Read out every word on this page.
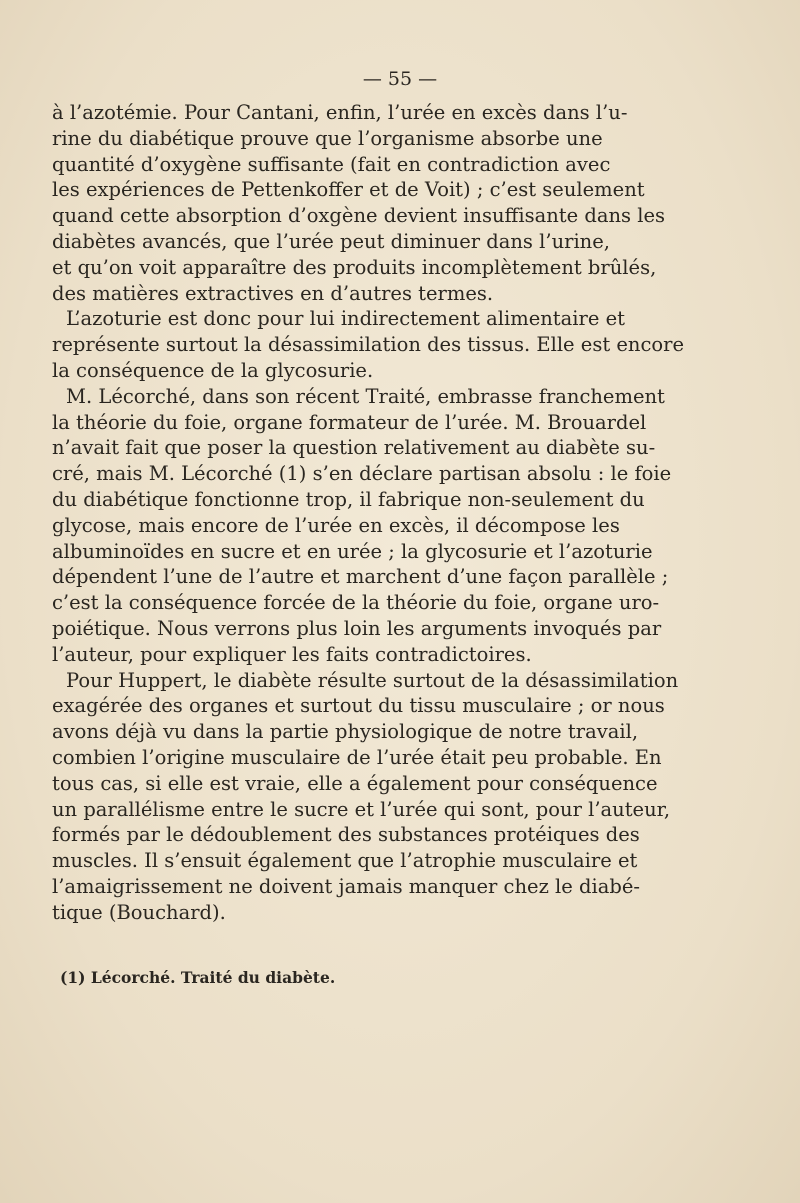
— 55 —
à l’azotémie. Pour Cantani, enfin, l’urée en excès dans l’u-
rine du diabétique prouve que l’organisme absorbe une
quantité d’oxygène suffisante (fait en contradiction avec
les expériences de Pettenkoffer et de Voit) ; c’est seulement
quand cette absorption d’oxgène devient insuffisante dans les
diabètes avancés, que l’urée peut diminuer dans l’urine,
et qu’on voit apparaître des produits incomplètement brûlés,
des matières extractives en d’autres termes.
L’azoturie est donc pour lui indirectement alimentaire et
représente surtout la désassimilation des tissus. Elle est encore
la conséquence de la glycosurie.
M. Lécorché, dans son récent Traité, embrasse franchement
la théorie du foie, organe formateur de l’urée. M. Brouardel
n’avait fait que poser la question relativement au diabète su-
cré, mais M. Lécorché (1) s’en déclare partisan absolu : le foie
du diabétique fonctionne trop, il fabrique non-seulement du
glycose, mais encore de l’urée en excès, il décompose les
albuminoïdes en sucre et en urée ; la glycosurie et l’azoturie
dépendent l’une de l’autre et marchent d’une façon parallèle ;
c’est la conséquence forcée de la théorie du foie, organe uro-
poiétique. Nous verrons plus loin les arguments invoqués par
l’auteur, pour expliquer les faits contradictoires.
Pour Huppert, le diabète résulte surtout de la désassimilation
exagérée des organes et surtout du tissu musculaire ; or nous
avons déjà vu dans la partie physiologique de notre travail,
combien l’origine musculaire de l’urée était peu probable. En
tous cas, si elle est vraie, elle a également pour conséquence
un parallélisme entre le sucre et l’urée qui sont, pour l’auteur,
formés par le dédoublement des substances protéiques des
muscles. Il s’ensuit également que l’atrophie musculaire et
l’amaigrissement ne doivent jamais manquer chez le diabé-
tique (Bouchard).
(1) Lécorché. Traité du diabète.
